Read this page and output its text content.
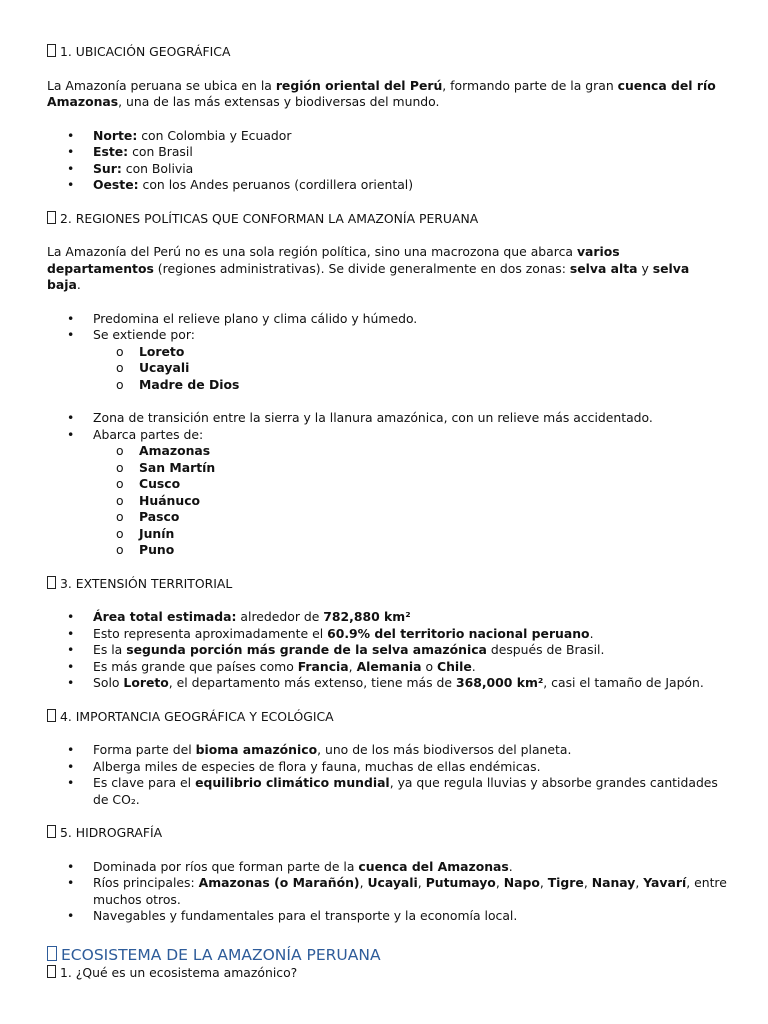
1. UBICACIÓN GEOGRÁFICA

La Amazonía peruana se ubica en la región oriental del Perú, formando parte de la gran cuenca del río Amazonas, una de las más extensas y biodiversas del mundo.

• Norte: con Colombia y Ecuador
• Este: con Brasil
• Sur: con Bolivia
• Oeste: con los Andes peruanos (cordillera oriental)

2. REGIONES POLÍTICAS QUE CONFORMAN LA AMAZONÍA PERUANA

La Amazonía del Perú no es una sola región política, sino una macrozona que abarca varios departamentos (regiones administrativas). Se divide generalmente en dos zonas: selva alta y selva baja.

• Predomina el relieve plano y clima cálido y húmedo.
• Se extiende por:
o Loreto
o Ucayali
o Madre de Dios
• Zona de transición entre la sierra y la llanura amazónica, con un relieve más accidentado.
• Abarca partes de:
o Amazonas
o San Martín
o Cusco
o Huánuco
o Pasco
o Junín
o Puno

3. EXTENSIÓN TERRITORIAL

• Área total estimada: alrededor de 782,880 km²
• Esto representa aproximadamente el 60.9% del territorio nacional peruano.
• Es la segunda porción más grande de la selva amazónica después de Brasil.
• Es más grande que países como Francia, Alemania o Chile.
• Solo Loreto, el departamento más extenso, tiene más de 368,000 km², casi el tamaño de Japón.

4. IMPORTANCIA GEOGRÁFICA Y ECOLÓGICA

• Forma parte del bioma amazónico, uno de los más biodiversos del planeta.
• Alberga miles de especies de flora y fauna, muchas de ellas endémicas.
• Es clave para el equilibrio climático mundial, ya que regula lluvias y absorbe grandes cantidades de CO₂.

5. HIDROGRAFÍA

• Dominada por ríos que forman parte de la cuenca del Amazonas.
• Ríos principales: Amazonas (o Marañón), Ucayali, Putumayo, Napo, Tigre, Nanay, Yavarí, entre muchos otros.
• Navegables y fundamentales para el transporte y la economía local.

ECOSISTEMA DE LA AMAZONÍA PERUANA

1. ¿Qué es un ecosistema amazónico?
